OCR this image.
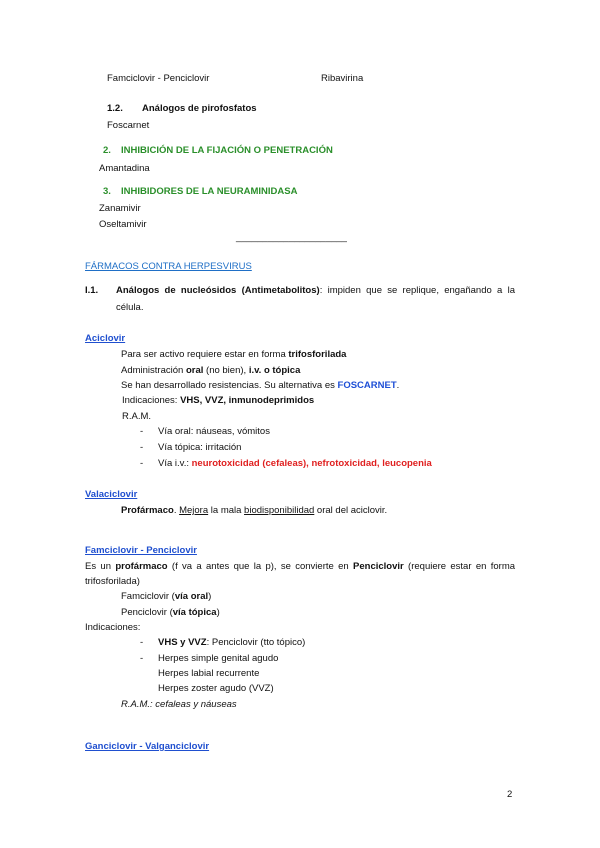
Famciclovir - Penciclovir	Ribavirina
1.2. Análogos de pirofosfatos
Foscarnet
2. INHIBICIÓN DE LA FIJACIÓN O PENETRACIÓN
Amantadina
3. INHIBIDORES DE LA NEURAMINIDASA
Zanamivir
Oseltamivir
_____________________
FÁRMACOS CONTRA HERPESVIRUS
I.1. Análogos de nucleósidos (Antimetabolitos): impiden que se replique, engañando a la
célula.
Aciclovir
Para ser activo requiere estar en forma trifosforilada
Administración oral (no bien), i.v. o tópica
Se han desarrollado resistencias. Su alternativa es FOSCARNET.
Indicaciones: VHS, VVZ, inmunodeprimidos
R.A.M.
- Vía oral: náuseas, vómitos
- Vía tópica: irritación
- Vía i.v.: neurotoxicidad (cefaleas), nefrotoxicidad, leucopenia
Valaciclovir
Profármaco. Mejora la mala biodisponibilidad oral del aciclovir.
Famciclovir - Penciclovir
Es un profármaco (f va a antes que la p), se convierte en Penciclovir (requiere estar en forma
trifosforilada)
Famciclovir (vía oral)
Penciclovir (vía tópica)
Indicaciones:
- VHS y VVZ: Penciclovir (tto tópico)
- Herpes simple genital agudo
Herpes labial recurrente
Herpes zoster agudo (VVZ)
R.A.M.: cefaleas y náuseas
Ganciclovir - Valganciclovir
2
